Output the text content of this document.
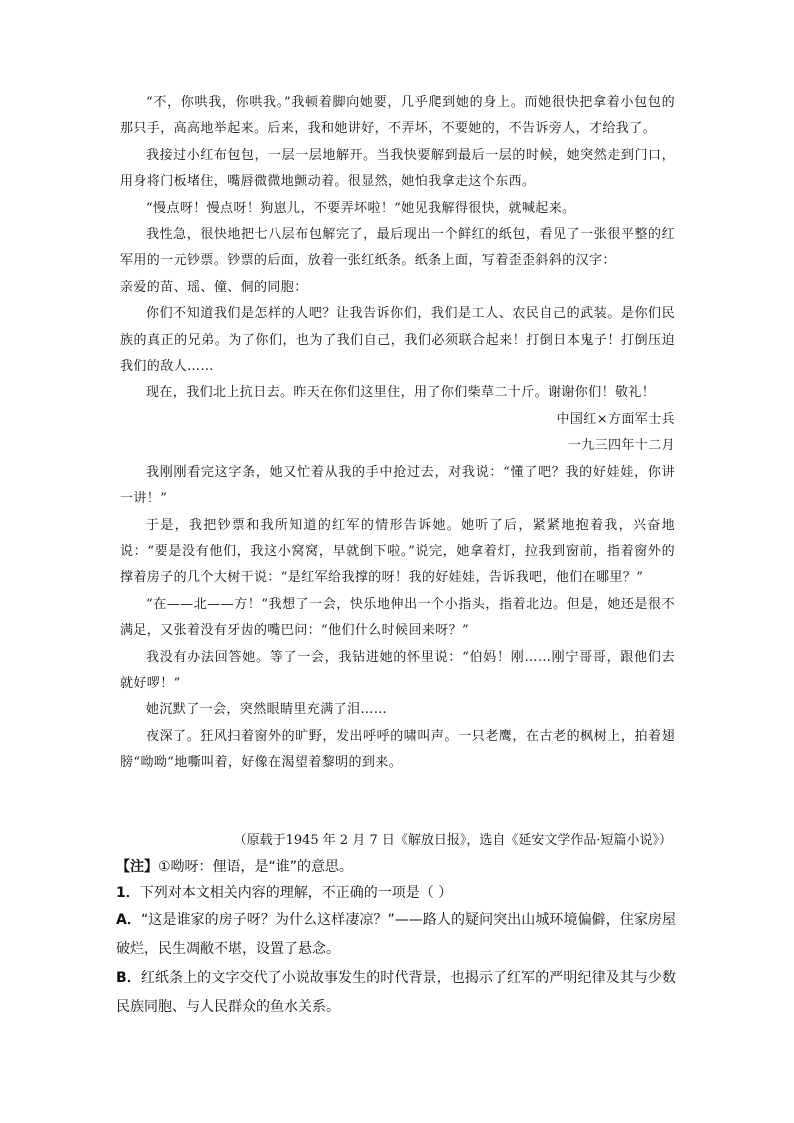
“不，你哄我，你哄我。”我顿着脚向她要，几乎爬到她的身上。而她很快把拿着小包包的那只手，高高地举起来。后来，我和她讲好，不弄坏，不要她的，不告诉旁人，才给我了。

我接过小红布包包，一层一层地解开。当我快要解到最后一层的时候，她突然走到门口，用身将门板堵住，嘴唇微微地颤动着。很显然，她怕我拿走这个东西。

“慢点呀！慢点呀！狗崽儿，不要弄坏啦！”她见我解得很快，就喊起来。

我性急，很快地把七八层布包解完了，最后现出一个鲜红的纸包，看见了一张很平整的红军用的一元钞票。钞票的后面，放着一张红纸条。纸条上面，写着歪歪斜斜的汉字：

亲爱的苗、瑶、僮、侗的同胞：

你们不知道我们是怎样的人吧？让我告诉你们，我们是工人、农民自己的武装。是你们民族的真正的兄弟。为了你们，也为了我们自己，我们必须联合起来！打倒日本鬼子！打倒压迫我们的敌人……

现在，我们北上抗日去。昨天在你们这里住，用了你们柴草二十斤。谢谢你们！敬礼！

中国红×方面军士兵

一九三四年十二月

我刚刚看完这字条，她又忙着从我的手中抢过去，对我说：“懂了吧？我的好娃娃，你讲一讲！”

于是，我把钞票和我所知道的红军的情形告诉她。她听了后，紧紧地抱着我，兴奋地说：“要是没有他们，我这小窝窝，早就倒下啦。”说完，她拿着灯，拉我到窗前，指着窗外的撑着房子的几个大树干说：“是红军给我撑的呀！我的好娃娃，告诉我吧，他们在哪里？”

“在——北——方！”我想了一会，快乐地伸出一个小指头，指着北边。但是，她还是很不满足，又张着没有牙齿的嘴巴问：“他们什么时候回来呀？”

我没有办法回答她。等了一会，我钻进她的怀里说：“伯妈！刚……刚宁哥哥，跟他们去就好啰！”

她沉默了一会，突然眼睛里充满了泪……

夜深了。狂风扫着窗外的旷野，发出呼呼的啸叫声。一只老鹰，在古老的枫树上，拍着翅膀“呦呦”地嘶叫着，好像在渴望着黎明的到来。

（原载于1945 年 2 月 7 日《解放日报》，选自《延安文学作品·短篇小说》）

【注】①呦呀：俚语，是“谁”的意思。

1．下列对本文相关内容的理解，不正确的一项是（ ）

A．“这是谁家的房子呀？为什么这样凄凉？”——路人的疑问突出山城环境偏僻，住家房屋破烂，民生凋敝不堪，设置了悬念。

B．红纸条上的文字交代了小说故事发生的时代背景，也揭示了红军的严明纪律及其与少数民族同胞、与人民群众的鱼水关系。
